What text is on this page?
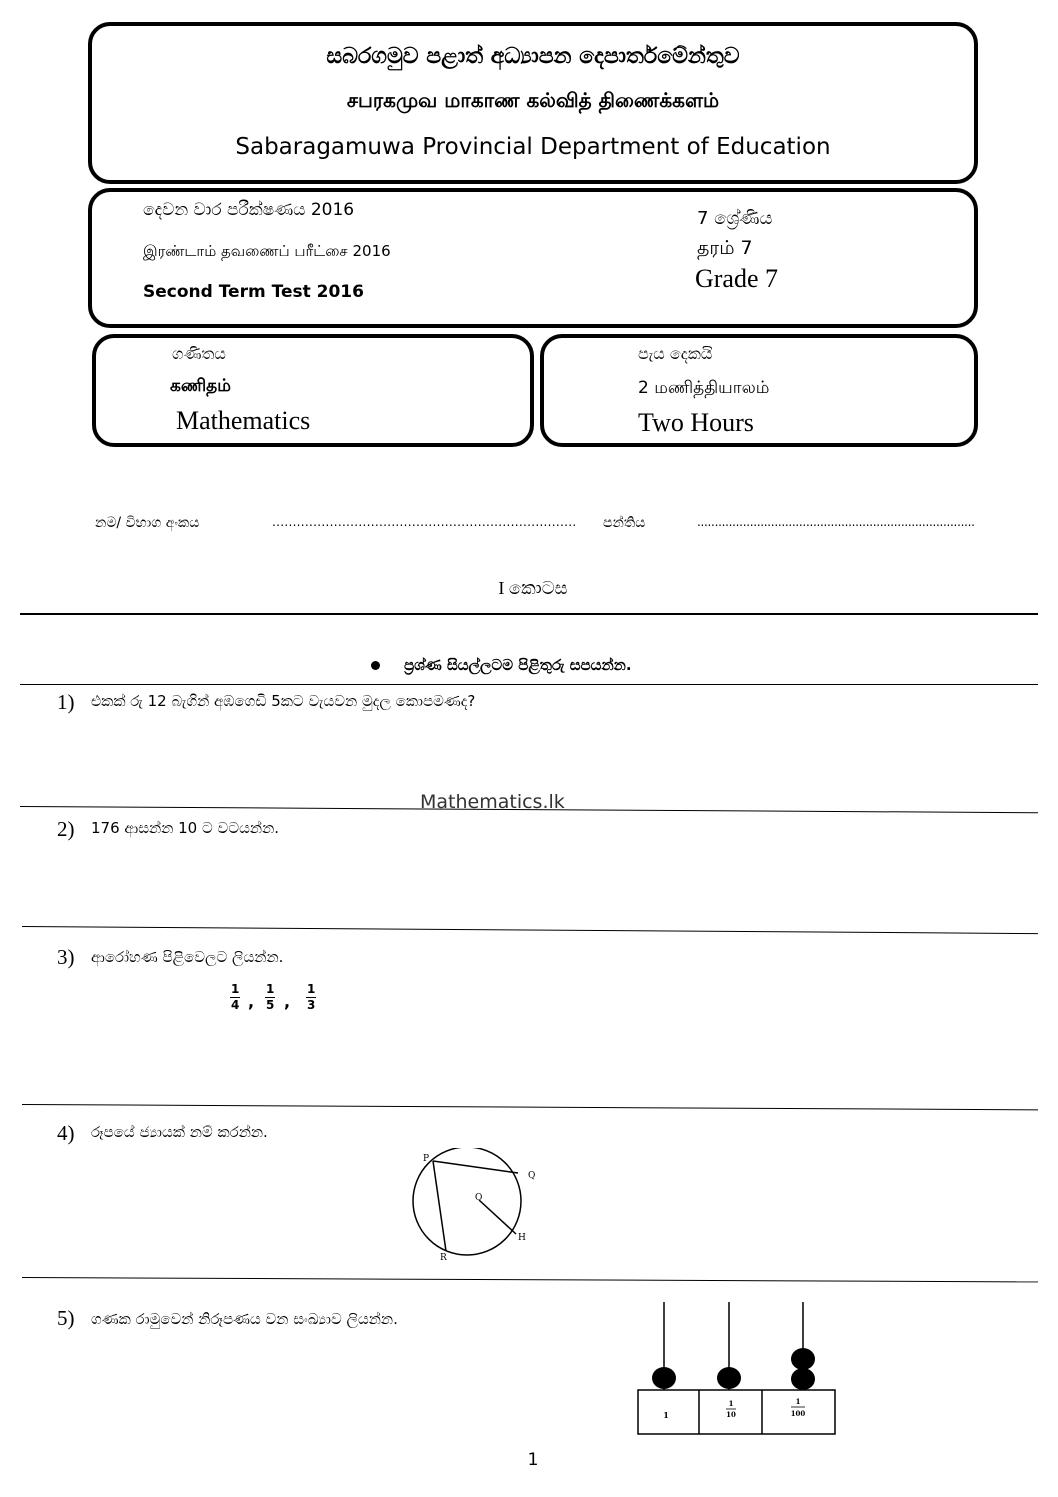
සබරගමුව පළාත් අධ්‍යාපන දෙපාර්තමේන්තුව
சபரகமுவ மாகாண கல்வித் திணைக்களம்
Sabaragamuwa Provincial Department of Education
දෙවන වාර පරීක්ෂණය 2016
இரண்டாம் தவணைப் பரீட்சை 2016
Second Term Test 2016
7 ශ්‍රේණිය
தரம் 7
Grade 7
ගණිතය
கணிதம்
Mathematics
පැය දෙකයි
2 மணித்தியாலம்
Two Hours
නම/ විභාග අංකය	.......................................................................... පන්තිය	...............................................................................
I කොටස
ප්‍රශ්ණ සියල්ලටම පිළිතුරු සපයන්න.
1) එකක් රු 12 බැගින් අඹගෙඩි 5කට වැයවන මුදල කොපමණද?
Mathematics.lk
2) 176 ආසන්න 10 ට වටයන්න.
3) ආරෝහණ පිළිවෙලට ලියන්න.
$\frac{1}{4}$ , $\frac{1}{5}$ , $\frac{1}{3}$
4) රූපයේ ජ්‍යායක් නම් කරන්න.
P
Q
O
H
R
5) ගණක රාමුවෙන් නිරූපණය වන සංඛ්‍යාව ලියන්න.
1
1
10
1
100
1
